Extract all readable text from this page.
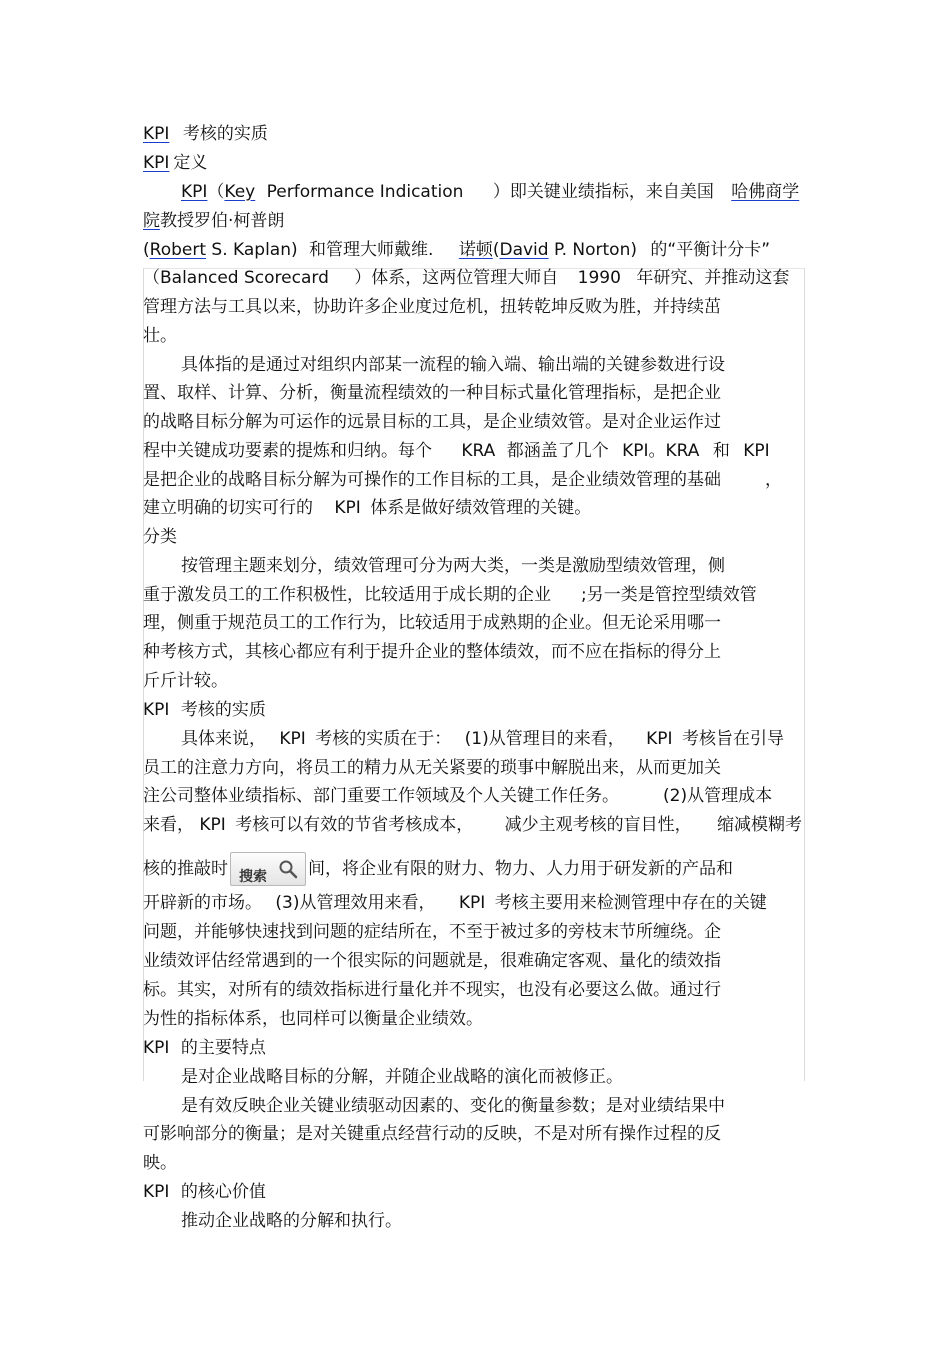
KPI 考核的实质
KPI 定义
KPI（Key Performance Indication ）即关键业绩指标，来自美国 哈佛商学
院教授罗伯·柯普朗
(Robert S. Kaplan) 和管理大师戴维. 诺顿(David P. Norton) 的“平衡计分卡”
（Balanced Scorecard ）体系，这两位管理大师自 1990 年研究、并推动这套
管理方法与工具以来，协助许多企业度过危机，扭转乾坤反败为胜，并持续茁
壮。
具体指的是通过对组织内部某一流程的输入端、输出端的关键参数进行设
置、取样、计算、分析，衡量流程绩效的一种目标式量化管理指标，是把企业
的战略目标分解为可运作的远景目标的工具，是企业绩效管。是对企业运作过
程中关键成功要素的提炼和归纳。每个 KRA 都涵盖了几个 KPI。KRA 和 KPI
是把企业的战略目标分解为可操作的工作目标的工具，是企业绩效管理的基础	，
建立明确的切实可行的 KPI 体系是做好绩效管理的关键。
分类
按管理主题来划分，绩效管理可分为两大类，一类是激励型绩效管理，侧
重于激发员工的工作积极性，比较适用于成长期的企业 ;另一类是管控型绩效管
理，侧重于规范员工的工作行为，比较适用于成熟期的企业。但无论采用哪一
种考核方式，其核心都应有利于提升企业的整体绩效，而不应在指标的得分上
斤斤计较。
KPI 考核的实质
具体来说， KPI 考核的实质在于： (1)从管理目的来看， KPI 考核旨在引导
员工的注意力方向，将员工的精力从无关紧要的琐事中解脱出来，从而更加关
注公司整体业绩指标、部门重要工作领域及个人关键工作任务。	(2)从管理成本
来看， KPI 考核可以有效的节省考核成本， 减少主观考核的盲目性， 缩减模糊考
核的推敲时 搜索 间，将企业有限的财力、物力、人力用于研发新的产品和
开辟新的市场。 (3)从管理效用来看， KPI 考核主要用来检测管理中存在的关键
问题，并能够快速找到问题的症结所在，不至于被过多的旁枝末节所缠绕。企
业绩效评估经常遇到的一个很实际的问题就是，很难确定客观、量化的绩效指
标。其实，对所有的绩效指标进行量化并不现实，也没有必要这么做。通过行
为性的指标体系，也同样可以衡量企业绩效。
KPI 的主要特点
是对企业战略目标的分解，并随企业战略的演化而被修正。
是有效反映企业关键业绩驱动因素的、变化的衡量参数；是对业绩结果中
可影响部分的衡量；是对关键重点经营行动的反映，不是对所有操作过程的反
映。
KPI 的核心价值
推动企业战略的分解和执行。
